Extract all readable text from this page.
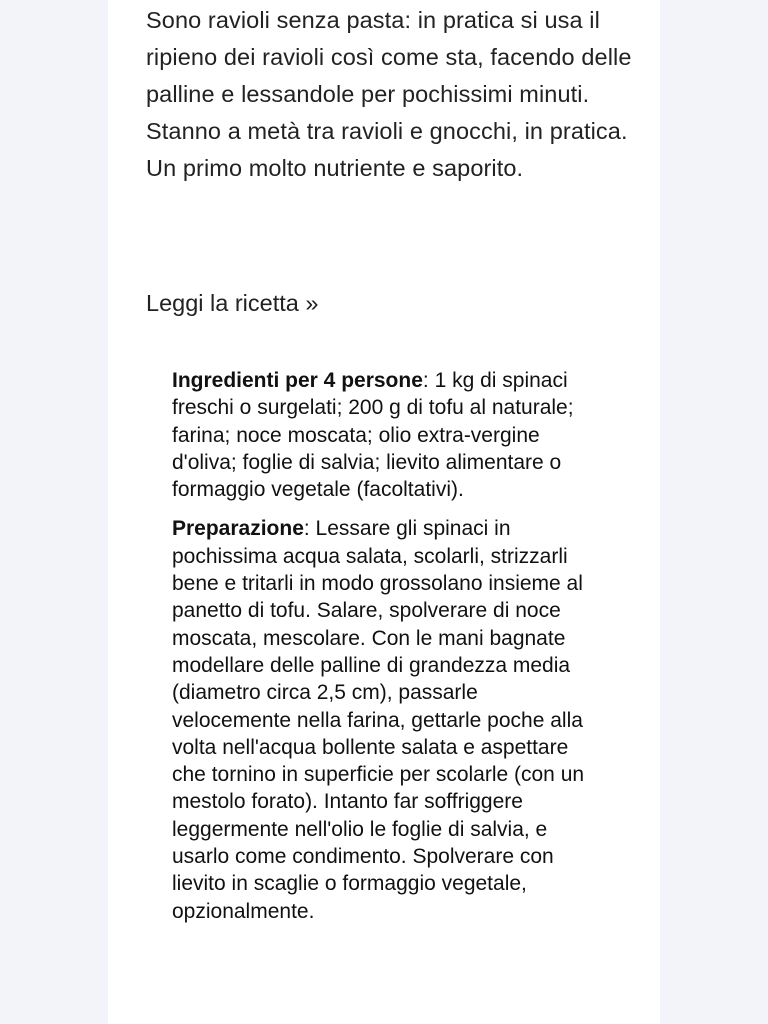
Sono ravioli senza pasta: in pratica si usa il ripieno dei ravioli così come sta, facendo delle palline e lessandole per pochissimi minuti. Stanno a metà tra ravioli e gnocchi, in pratica. Un primo molto nutriente e saporito.

Leggi la ricetta »

Ingredienti per 4 persone: 1 kg di spinaci freschi o surgelati; 200 g di tofu al naturale; farina; noce moscata; olio extra-vergine d'oliva; foglie di salvia; lievito alimentare o formaggio vegetale (facoltativi).

Preparazione: Lessare gli spinaci in pochissima acqua salata, scolarli, strizzarli bene e tritarli in modo grossolano insieme al panetto di tofu. Salare, spolverare di noce moscata, mescolare. Con le mani bagnate modellare delle palline di grandezza media (diametro circa 2,5 cm), passarle velocemente nella farina, gettarle poche alla volta nell'acqua bollente salata e aspettare che tornino in superficie per scolarle (con un mestolo forato). Intanto far soffriggere leggermente nell'olio le foglie di salvia, e usarlo come condimento. Spolverare con lievito in scaglie o formaggio vegetale, opzionalmente.
